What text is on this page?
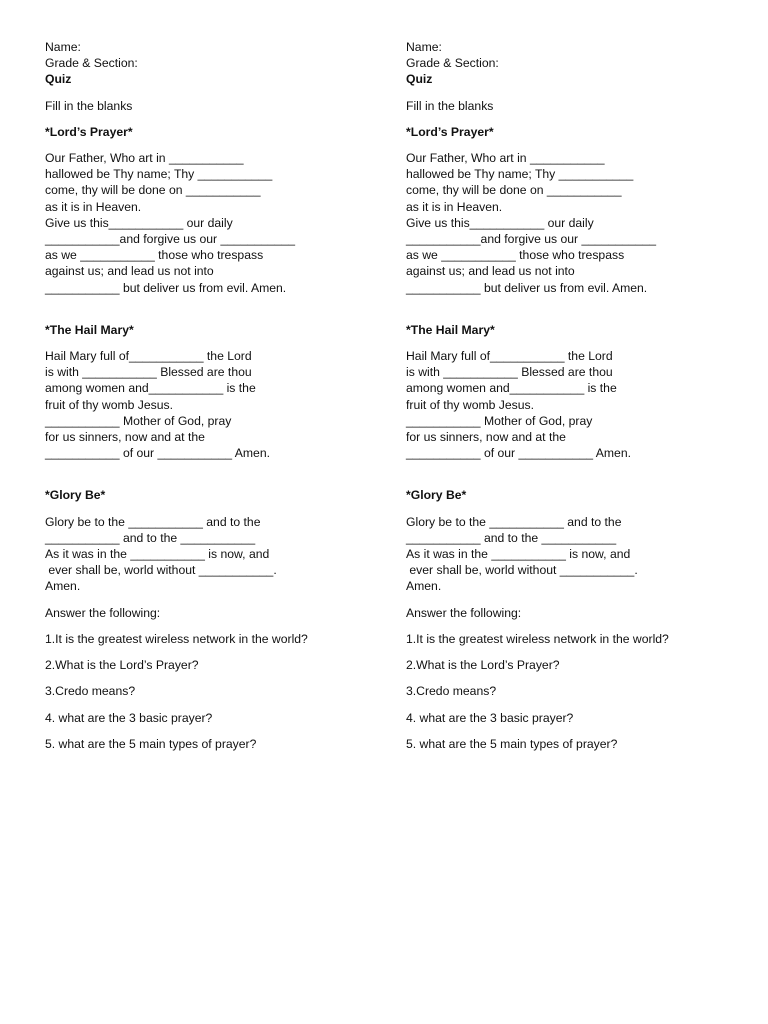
Name:
Grade & Section:
Quiz
Fill in the blanks
*Lord’s Prayer*
Our Father, Who art in ___________
hallowed be Thy name; Thy ___________
come, thy will be done on ___________
as it is in Heaven.
Give us this___________ our daily
___________and forgive us our ___________
as we ___________ those who trespass
against us; and lead us not into
___________ but deliver us from evil. Amen.
*The Hail Mary*
Hail Mary full of___________ the Lord
is with ___________ Blessed are thou
among women and___________ is the
fruit of thy womb Jesus.
___________ Mother of God, pray
for us sinners, now and at the
___________ of our ___________ Amen.
*Glory Be*
Glory be to the ___________ and to the
___________ and to the ___________
As it was in the ___________ is now, and
ever shall be, world without ___________.
Amen.
Answer the following:
1.It is the greatest wireless network in the world?
2.What is the Lord’s Prayer?
3.Credo means?
4. what are the 3 basic prayer?
5. what are the 5 main types of prayer?
Name:
Grade & Section:
Quiz
Fill in the blanks
*Lord’s Prayer*
Our Father, Who art in ___________
hallowed be Thy name; Thy ___________
come, thy will be done on ___________
as it is in Heaven.
Give us this___________ our daily
___________and forgive us our ___________
as we ___________ those who trespass
against us; and lead us not into
___________ but deliver us from evil. Amen.
*The Hail Mary*
Hail Mary full of___________ the Lord
is with ___________ Blessed are thou
among women and___________ is the
fruit of thy womb Jesus.
___________ Mother of God, pray
for us sinners, now and at the
___________ of our ___________ Amen.
*Glory Be*
Glory be to the ___________ and to the
___________ and to the ___________
As it was in the ___________ is now, and
ever shall be, world without ___________.
Amen.
Answer the following:
1.It is the greatest wireless network in the world?
2.What is the Lord’s Prayer?
3.Credo means?
4. what are the 3 basic prayer?
5. what are the 5 main types of prayer?
